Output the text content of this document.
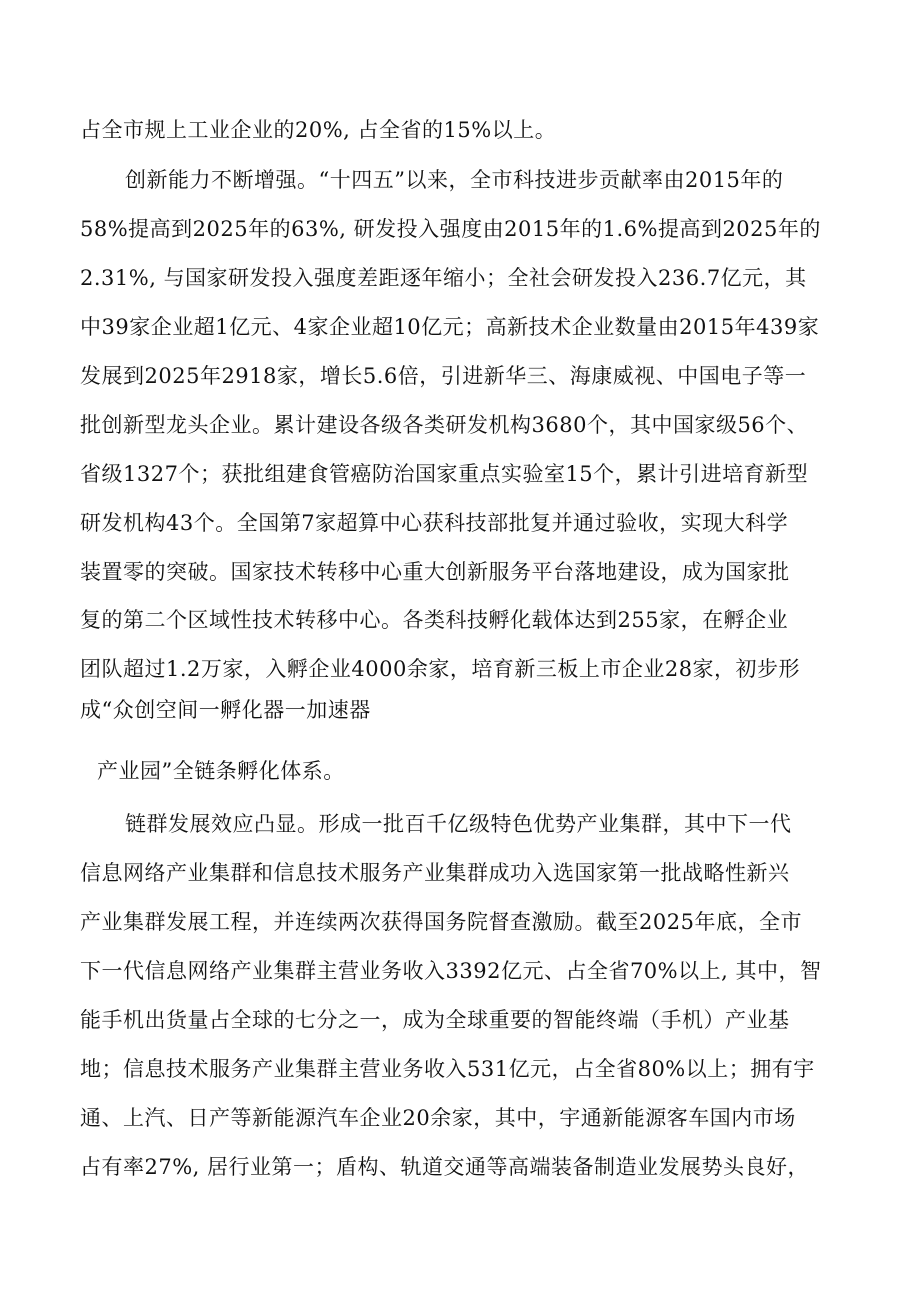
占全市规上工业企业的20%, 占全省的15%以上。
创新能力不断增强。“十四五”以来，全市科技进步贡献率由2015年的
58%提高到2025年的63%, 研发投入强度由2015年的1.6%提高到2025年的
2.31%, 与国家研发投入强度差距逐年缩小；全社会研发投入236.7亿元，其
中39家企业超1亿元、4家企业超10亿元；高新技术企业数量由2015年439家
发展到2025年2918家，增长5.6倍，引进新华三、海康威视、中国电子等一
批创新型龙头企业。累计建设各级各类研发机构3680个，其中国家级56个、
省级1327个；获批组建食管癌防治国家重点实验室15个，累计引进培育新型
研发机构43个。全国第7家超算中心获科技部批复并通过验收，实现大科学
装置零的突破。国家技术转移中心重大创新服务平台落地建设，成为国家批
复的第二个区域性技术转移中心。各类科技孵化载体达到255家，在孵企业
团队超过1.2万家，入孵企业4000余家，培育新三板上市企业28家，初步形
成“众创空间一孵化器一加速器
产业园”全链条孵化体系。
链群发展效应凸显。形成一批百千亿级特色优势产业集群，其中下一代
信息网络产业集群和信息技术服务产业集群成功入选国家第一批战略性新兴
产业集群发展工程，并连续两次获得国务院督查激励。截至2025年底，全市
下一代信息网络产业集群主营业务收入3392亿元、占全省70%以上, 其中，智
能手机出货量占全球的七分之一，成为全球重要的智能终端（手机）产业基
地；信息技术服务产业集群主营业务收入531亿元，占全省80%以上；拥有宇
通、上汽、日产等新能源汽车企业20余家，其中，宇通新能源客车国内市场
占有率27%, 居行业第一；盾构、轨道交通等高端装备制造业发展势头良好，
